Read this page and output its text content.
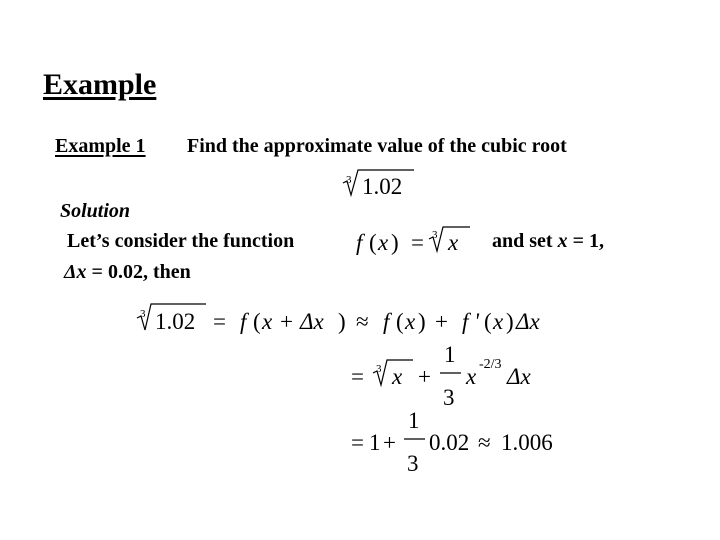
Example
Example 1 Find the approximate value of the cubic root
Solution
Let’s consider the function	and set x = 1,
Δx = 0.02, then
3 1.02
f ( x ) = 3 x
3 1.02 = f ( x + Δx ) ≈ f ( x ) + f ' ( x ) Δx
= 3 x +
1
3
x -2/3 Δx
= 1 +
1
3
0.02 ≈ 1.006
